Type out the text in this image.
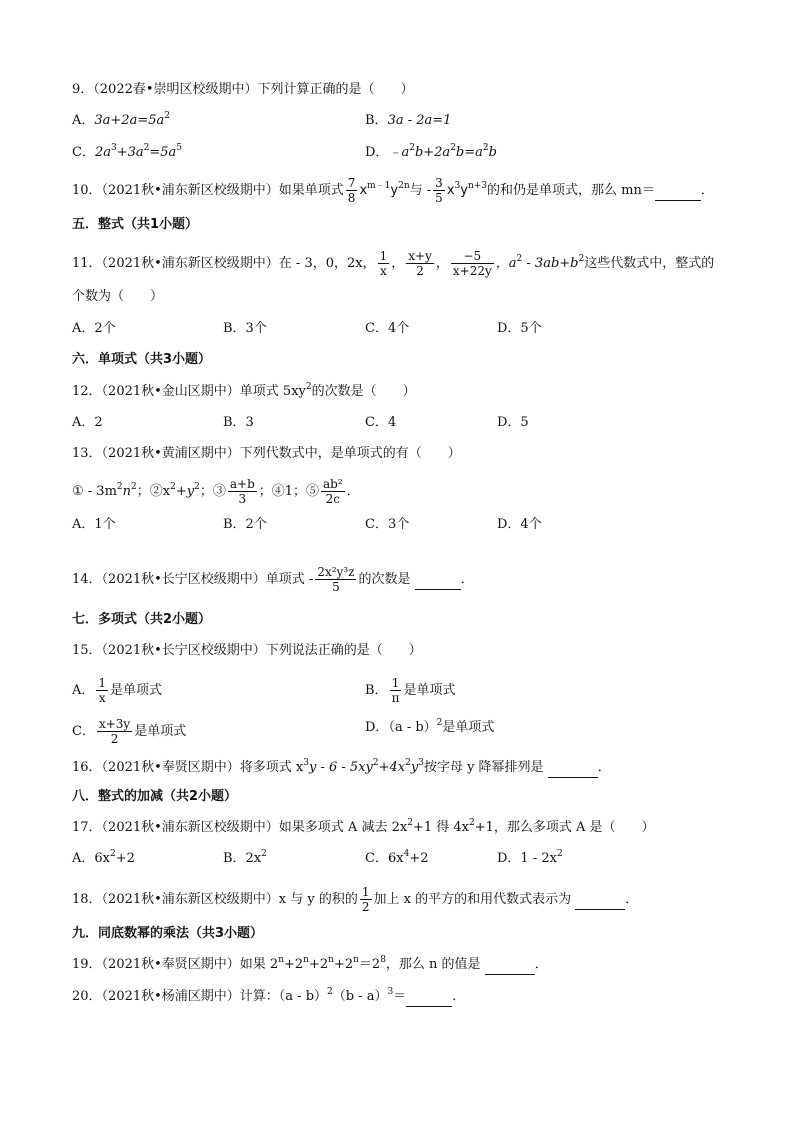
9．（2022春•崇明区校级期中）下列计算正确的是（　　）
A．$3a+2a=5a^2$	B．3a - 2a=1
C．$2a^3+3a^2=5a^5$	D．$﹣a^2b+2a^2b=a^2b$
10．（2021秋•浦东新区校级期中）如果单项式 $\frac{7}{8} x^{m﹣1}y^{2n}$与 - $\frac{3}{5} x^3y^{n+3}$的和仍是单项式，那么 mn＝	．
五．整式（共1小题）
11．（2021秋•浦东新区校级期中）在 - 3，0，2x， $\frac{1}{x}$ ， $\frac{x+y}{2}$ ， $\frac{-5}{x+22y}$ ，$a^2 - 3ab+b^2$这些代数式中，整式的
个数为（　　）
A．2个	B．3个	C．4个	D．5个
六．单项式（共3小题）
12．（2021秋•金山区期中）单项式 $5xy^2$的次数是（　　）
A．2	B．3	C．4	D．5
13．（2021秋•黄浦区期中）下列代数式中，是单项式的有（　　）
① - $3m^2n^2$；$②x^2+y^2$；③ $\frac{a+b}{3}$ ；④1；⑤ $\frac{\text{ab²}}{2c}$ ．
A．1个	B．2个	C．3个	D．4个
14．（2021秋•长宁区校级期中）单项式 - $\frac{\text{2x²y³z}}{5}$ 的次数是	．
七．多项式（共2小题）
15．（2021秋•长宁区校级期中）下列说法正确的是（　　）
A． $\frac{1}{x}$ 是单项式	B． $\frac{1}{\pi}$ 是单项式
C． $\frac{x+3y}{2}$ 是单项式	D．（a - b）$^2$是单项式
16．（2021秋•奉贤区期中）将多项式 $x^3y - 6 - 5xy^2+4x^2y^3$按字母 y 降幂排列是	．
八．整式的加减（共2小题）
17．（2021秋•浦东新区校级期中）如果多项式 A 减去 $2x^2+1$ 得 $4x^2+1$，那么多项式 A 是（　　）
A．$6x^2+2$	B．$2x^2$	C．$6x^4+2$	D．$1 - 2x^2$
18．（2021秋•浦东新区校级期中）x 与 y 的积的 $\frac{1}{2}$ 加上 x 的平方的和用代数式表示为	．
九．同底数幂的乘法（共3小题）
19．（2021秋•奉贤区期中）如果 $2^n+2^n+2^n+2^n=2^8$，那么 n 的值是	．
20．（2021秋•杨浦区期中）计算：（a - b）$^2$（b - a）$^3$＝	．
